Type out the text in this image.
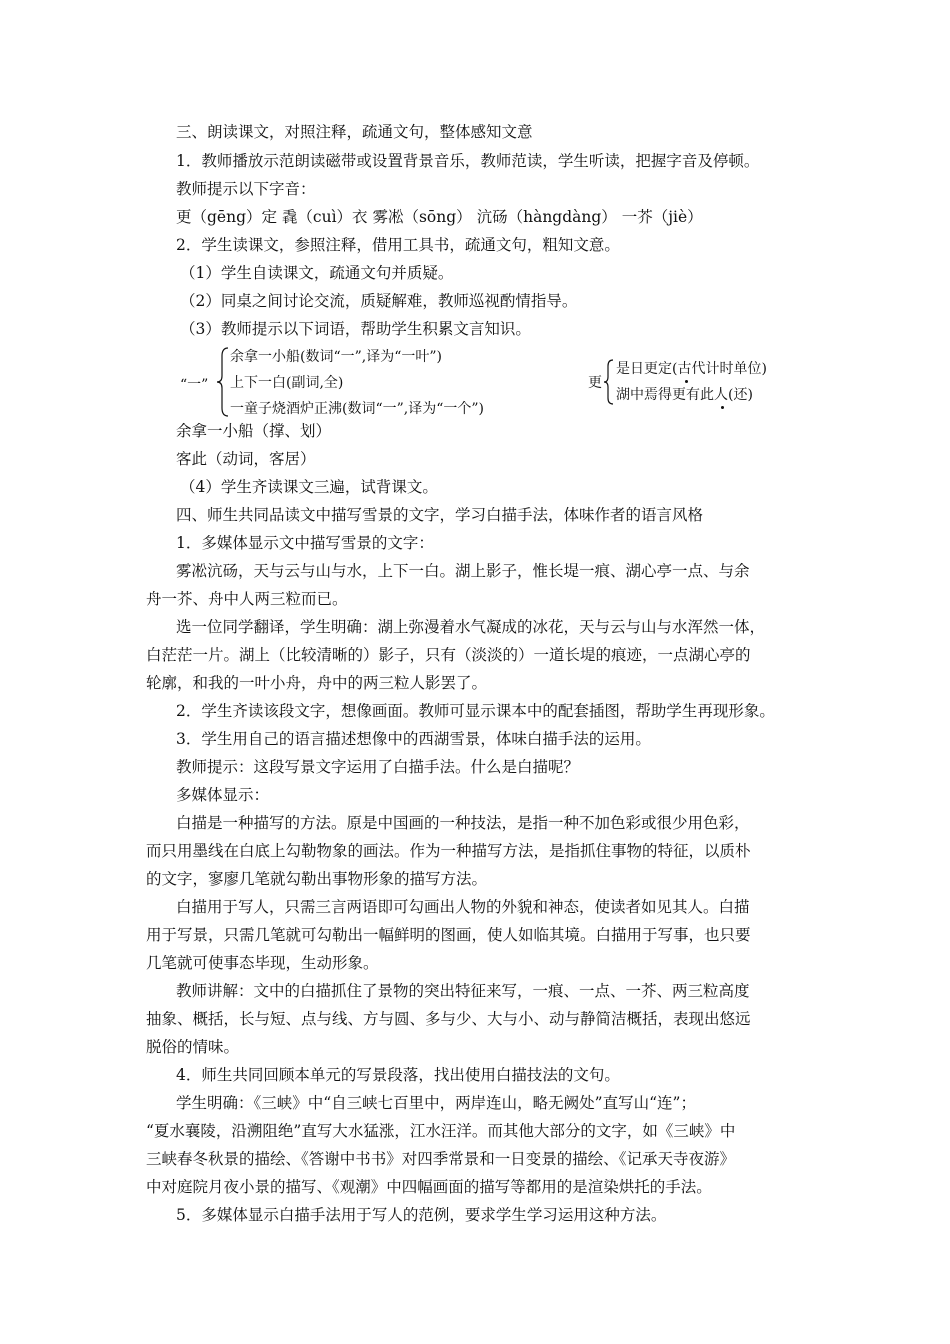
三、朗读课文，对照注释，疏通文句，整体感知文意
1．教师播放示范朗读磁带或设置背景音乐，教师范读，学生听读，把握字音及停顿。
教师提示以下字音：
更（gēng）定 毳（cuì）衣 雾凇（sōng） 沆砀（hàngdàng） 一芥（jiè）
2．学生读课文，参照注释，借用工具书，疏通文句，粗知文意。
（1）学生自读课文，疏通文句并质疑。
（2）同桌之间讨论交流，质疑解难，教师巡视酌情指导。
（3）教师提示以下词语，帮助学生积累文言知识。
“一”
余拿一小船(数词“一”,译为“一叶”)
上下一白(副词,全)
一童子烧酒炉正沸(数词“一”,译为“一个”)
更
是日更定(古代计时单位)
湖中焉得更有此人(还)
余拿一小船（撑、划）
客此（动词，客居）
（4）学生齐读课文三遍，试背课文。
四、师生共同品读文中描写雪景的文字，学习白描手法，体味作者的语言风格
1．多媒体显示文中描写雪景的文字：
雾凇沆砀，天与云与山与水，上下一白。湖上影子，惟长堤一痕、湖心亭一点、与余
舟一芥、舟中人两三粒而已。
选一位同学翻译，学生明确：湖上弥漫着水气凝成的冰花，天与云与山与水浑然一体，
白茫茫一片。湖上（比较清晰的）影子，只有（淡淡的）一道长堤的痕迹，一点湖心亭的
轮廓，和我的一叶小舟，舟中的两三粒人影罢了。
2．学生齐读该段文字，想像画面。教师可显示课本中的配套插图，帮助学生再现形象。
3．学生用自己的语言描述想像中的西湖雪景，体味白描手法的运用。
教师提示：这段写景文字运用了白描手法。什么是白描呢？
多媒体显示：
白描是一种描写的方法。原是中国画的一种技法，是指一种不加色彩或很少用色彩，
而只用墨线在白底上勾勒物象的画法。作为一种描写方法，是指抓住事物的特征，以质朴
的文字，寥廖几笔就勾勒出事物形象的描写方法。
白描用于写人，只需三言两语即可勾画出人物的外貌和神态，使读者如见其人。白描
用于写景，只需几笔就可勾勒出一幅鲜明的图画，使人如临其境。白描用于写事，也只要
几笔就可使事态毕现，生动形象。
教师讲解：文中的白描抓住了景物的突出特征来写，一痕、一点、一芥、两三粒高度
抽象、概括，长与短、点与线、方与圆、多与少、大与小、动与静简洁概括，表现出悠远
脱俗的情味。
4．师生共同回顾本单元的写景段落，找出使用白描技法的文句。
学生明确：《三峡》中“自三峡七百里中，两岸连山，略无阙处”直写山“连”；
“夏水襄陵，沿溯阻绝”直写大水猛涨，江水汪洋。而其他大部分的文字，如《三峡》中
三峡春冬秋景的描绘、《答谢中书书》对四季常景和一日变景的描绘、《记承天寺夜游》
中对庭院月夜小景的描写、《观潮》中四幅画面的描写等都用的是渲染烘托的手法。
5．多媒体显示白描手法用于写人的范例，要求学生学习运用这种方法。
